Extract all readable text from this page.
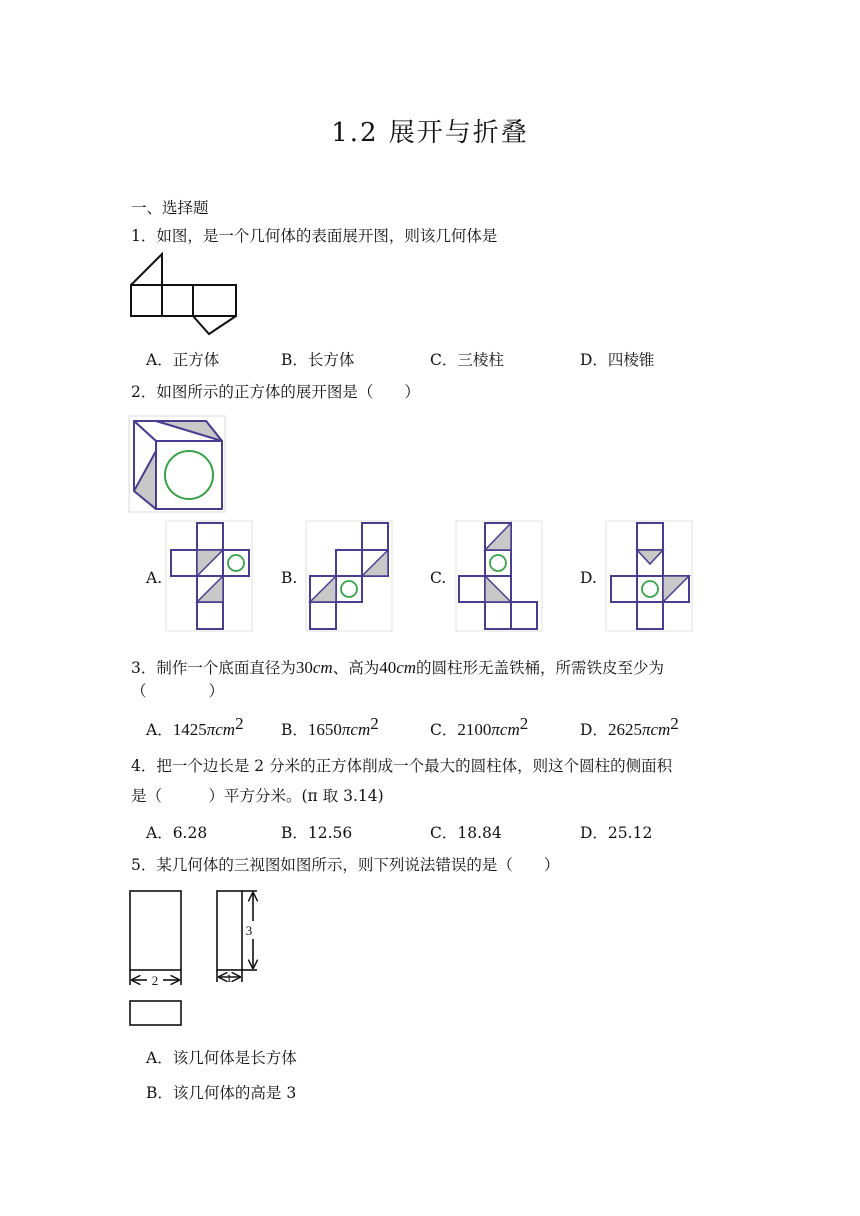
1.2 展开与折叠
一、选择题
1．如图，是一个几何体的表面展开图，则该几何体是
A．正方体	B．长方体	C．三棱柱	D．四棱锥
2．如图所示的正方体的展开图是（　　）
A.	B.	C.	D.
3．制作一个底面直径为30cm、高为40cm的圆柱形无盖铁桶，所需铁皮至少为
（　　　　）
A．1425πcm$^2$ B．1650πcm$^2$	C．2100πcm$^2$	D．2625πcm$^2$
4．把一个边长是 2 分米的正方体削成一个最大的圆柱体，则这个圆柱的侧面积
是（　　　）平方分米。(π 取 3.14)
A．6.28	B．12.56	C．18.84	D．25.12
5．某几何体的三视图如图所示，则下列说法错误的是（　　）
2	1
3
A．该几何体是长方体
B．该几何体的高是 3
